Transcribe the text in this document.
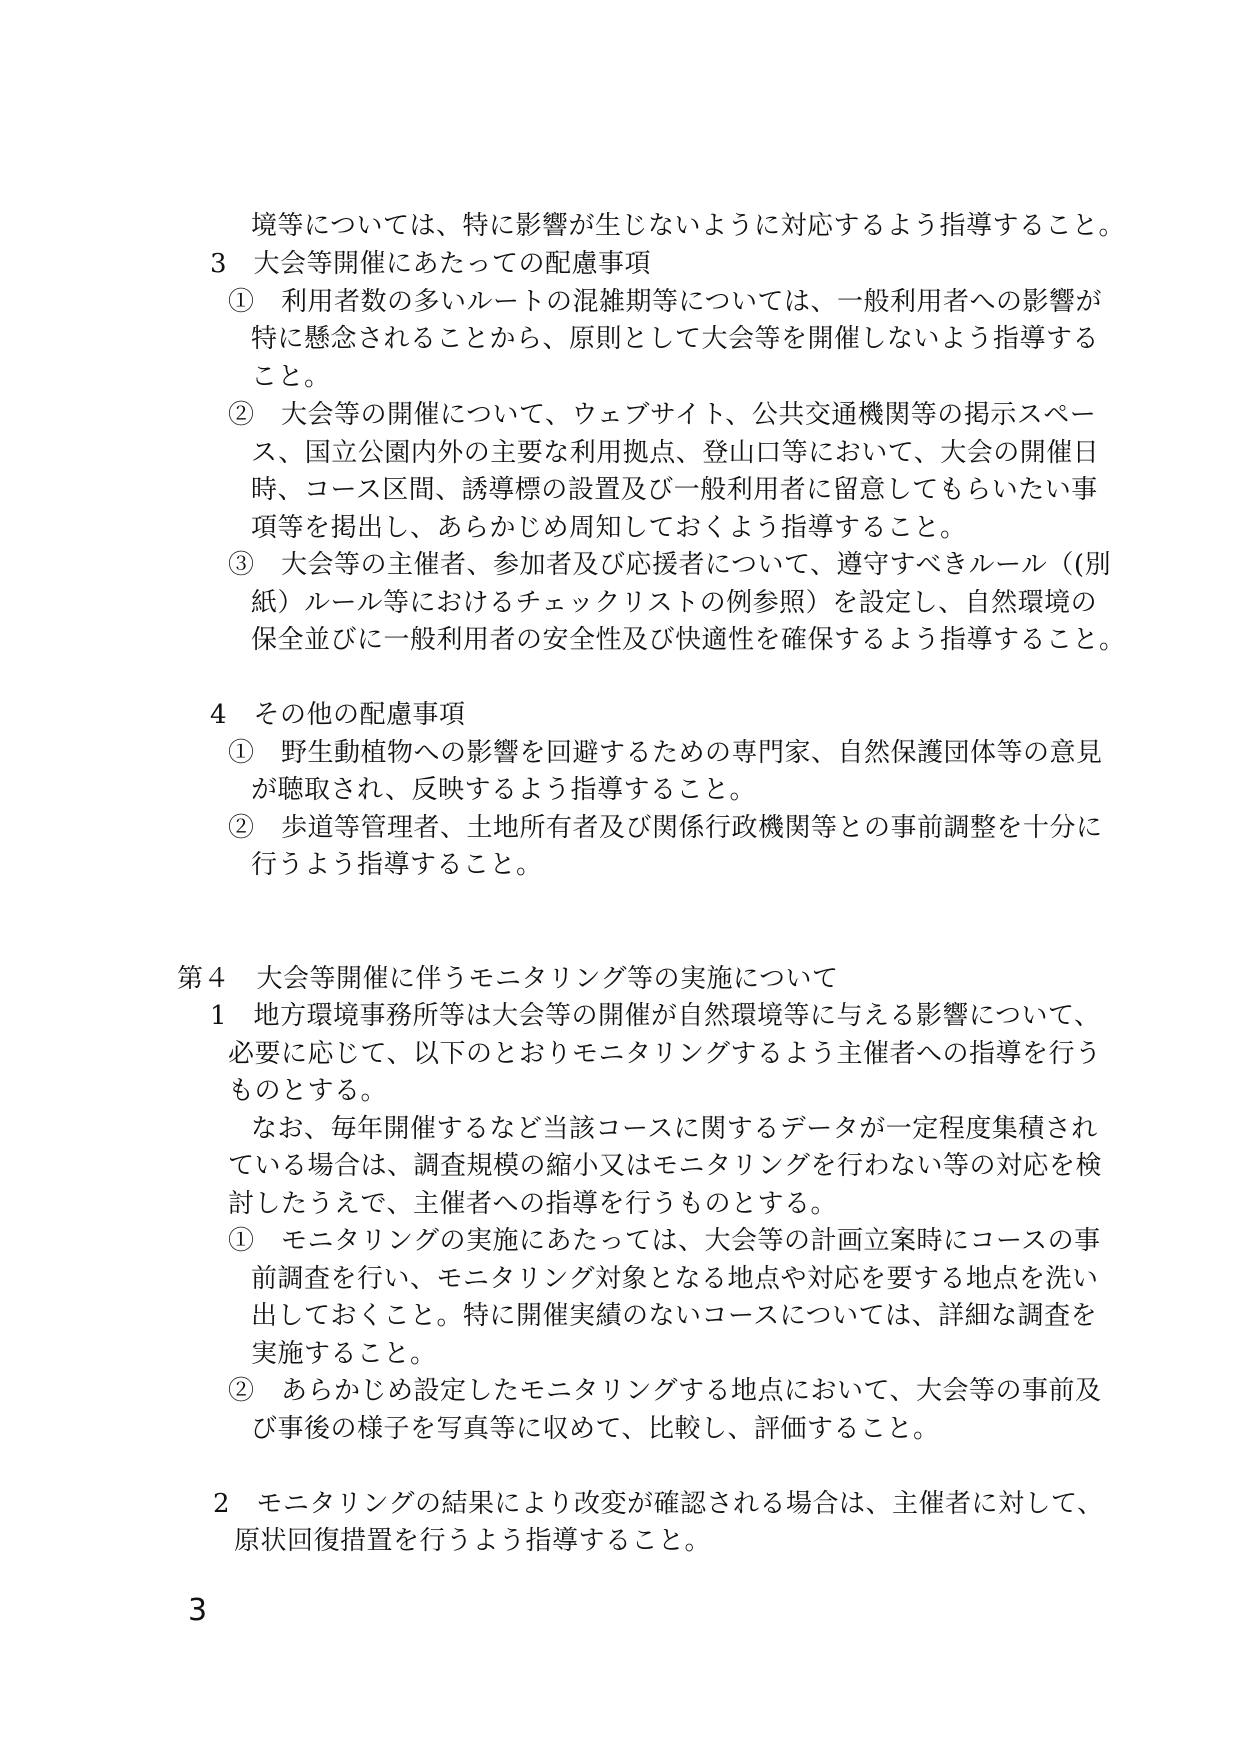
境等については、特に影響が生じないように対応するよう指導すること。

3　大会等開催にあたっての配慮事項

①　利用者数の多いルートの混雑期等については、一般利用者への影響が

特に懸念されることから、原則として大会等を開催しないよう指導する

こと。

②　大会等の開催について、ウェブサイト、公共交通機関等の掲示スペー

ス、国立公園内外の主要な利用拠点、登山口等において、大会の開催日

時、コース区間、誘導標の設置及び一般利用者に留意してもらいたい事

項等を掲出し、あらかじめ周知しておくよう指導すること。

③　大会等の主催者、参加者及び応援者について、遵守すべきルール（(別

紙）ルール等におけるチェックリストの例参照）を設定し、自然環境の

保全並びに一般利用者の安全性及び快適性を確保するよう指導すること。

4　その他の配慮事項

①　野生動植物への影響を回避するための専門家、自然保護団体等の意見

が聴取され、反映するよう指導すること。

②　歩道等管理者、土地所有者及び関係行政機関等との事前調整を十分に

行うよう指導すること。

第４　大会等開催に伴うモニタリング等の実施について

1　地方環境事務所等は大会等の開催が自然環境等に与える影響について、

必要に応じて、以下のとおりモニタリングするよう主催者への指導を行う

ものとする。

なお、毎年開催するなど当該コースに関するデータが一定程度集積され

ている場合は、調査規模の縮小又はモニタリングを行わない等の対応を検

討したうえで、主催者への指導を行うものとする。

①　モニタリングの実施にあたっては、大会等の計画立案時にコースの事

前調査を行い、モニタリング対象となる地点や対応を要する地点を洗い

出しておくこと。特に開催実績のないコースについては、詳細な調査を

実施すること。

②　あらかじめ設定したモニタリングする地点において、大会等の事前及

び事後の様子を写真等に収めて、比較し、評価すること。

2　モニタリングの結果により改変が確認される場合は、主催者に対して、

原状回復措置を行うよう指導すること。

3
